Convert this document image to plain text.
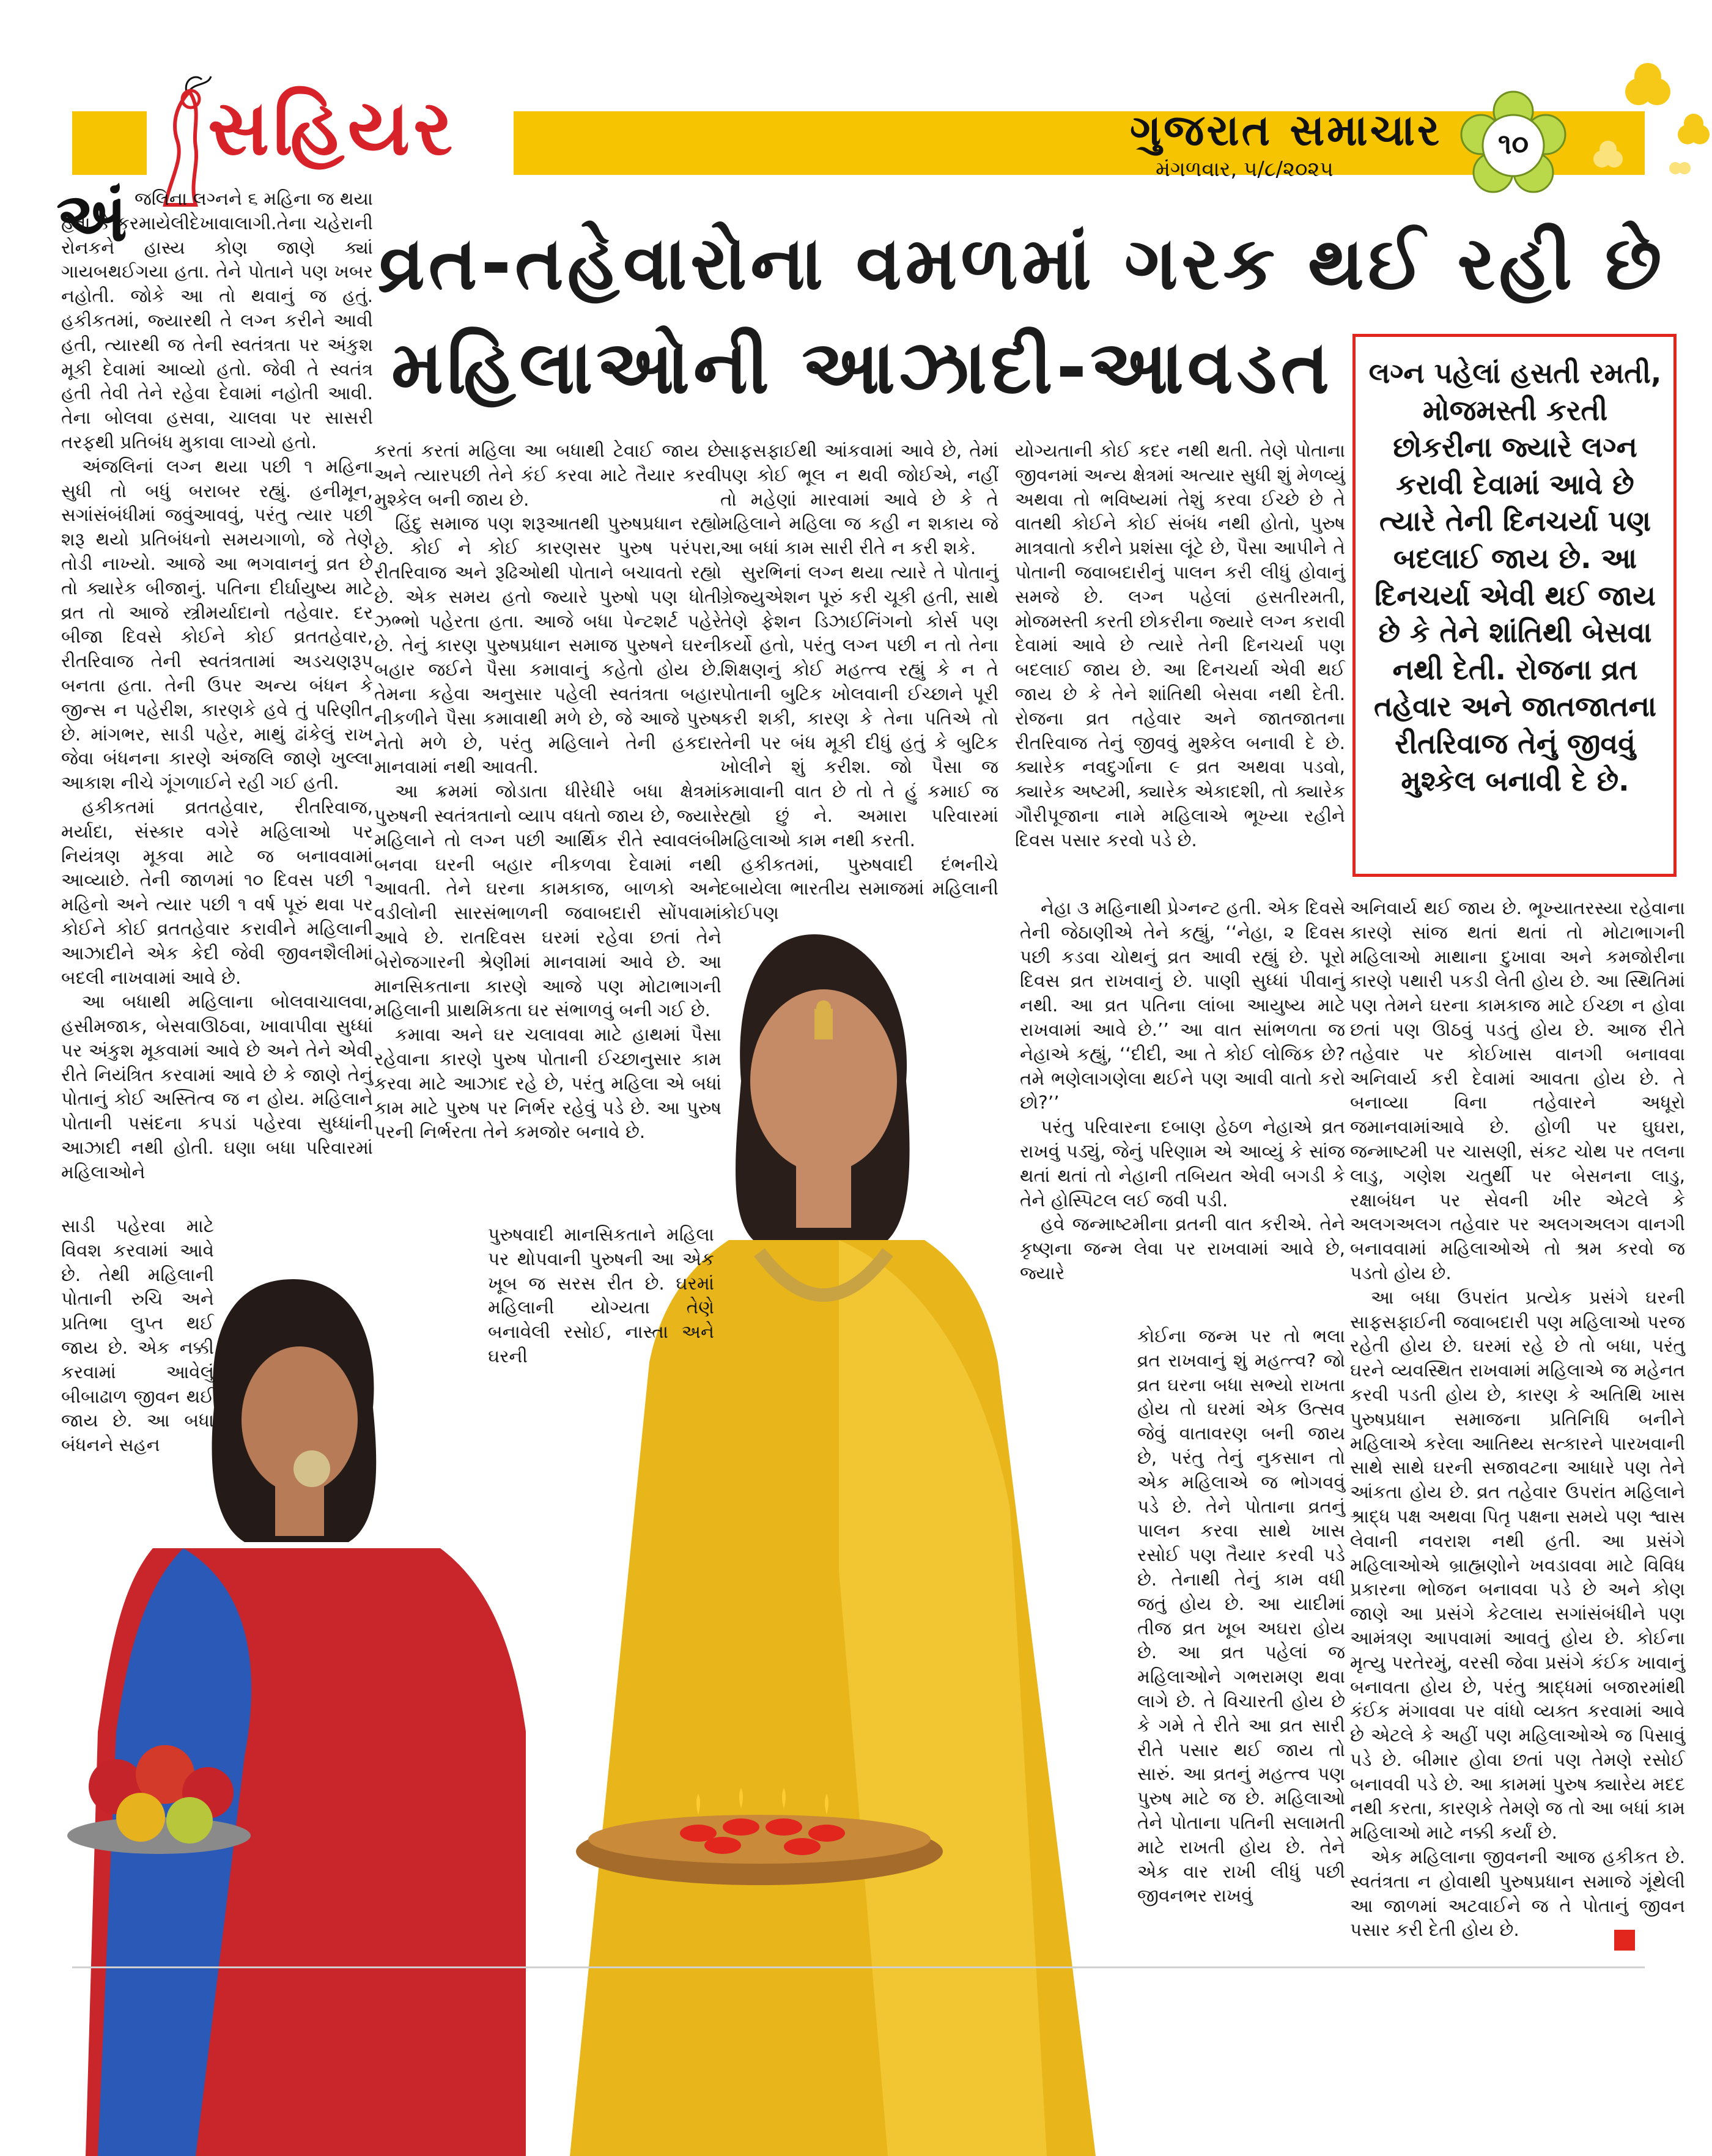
સહિયર	ગુજરાત સમાચાર
મંગળવાર, ૫/૮/૨૦૨૫
૧૦
વ્રત-તહેવારોના વમળમાં ગરક થઈ રહી છે
મહિલાઓની આઝાદી-આવડત લગ્ન પહેલાં હસતી રમતી, મોજમસ્તી કરતી છોકરીના જ્યારે લગ્ન કરાવી દેવામાં આવે છે ત્યારે તેની દિનચર્યા પણ બદલાઈ જાય છે. આ દિનચર્યા એવી થઈ જાય છે કે તેને શાંતિથી બેસવા નથી દેતી. રોજના વ્રત તહેવાર અને જાતજાતના રીતરિવાજ તેનું જીવવું મુશ્કેલ બનાવી દે છે.
અં જલિના લગ્નને ૬ મહિના જ થયા હતા કે કરમાયેલીદેખાવાલાગી.તેના ચહેરાની રોનકને હાસ્ય કોણ જાણે ક્યાં ગાયબથઈગયા હતા. તેને પોતાને પણ ખબર નહોતી. જોકે આ તો થવાનું જ હતું. હકીકતમાં, જ્યારથી તે લગ્ન કરીને આવી હતી, ત્યારથી જ તેની સ્વતંત્રતા પર અંકુશ મૂકી દેવામાં આવ્યો હતો. જેવી તે સ્વતંત્ર હતી તેવી તેને રહેવા દેવામાં નહોતી આવી. તેના બોલવા હસવા, ચાલવા પર સાસરી તરફથી પ્રતિબંધ મુકાવા લાગ્યો હતો.

અંજલિનાં લગ્ન થયા પછી ૧ મહિના સુધી તો બધું બરાબર રહ્યું. હનીમૂન, સગાંસંબંધીમાં જવુંઆવવું, પરંતુ ત્યાર પછી શરૂ થયો પ્રતિબંધનો સમયગાળો, જે તેણે તોડી નાખ્યો. આજે આ ભગવાનનું વ્રત છે તો ક્યારેક બીજાનું. પતિના દીર્ઘાયુષ્ય માટે વ્રત તો આજે સ્ત્રીમર્યાદાનો તહેવાર. દર બીજા દિવસે કોઈને કોઈ વ્રતતહેવાર, રીતરિવાજ તેની સ્વતંત્રતામાં અડચણરૂપ બનતા હતા. તેની ઉપર અન્ય બંધન કે જીન્સ ન પહેરીશ, કારણકે હવે તું પરિણીત છે. માંગભર, સાડી પહેર, માથું ઢાંકેલું રાખ જેવા બંધનના કારણે અંજલિ જાણે ખુલ્લા આકાશ નીચે ગૂંગળાઈને રહી ગઈ હતી.

હકીકતમાં વ્રતતહેવાર, રીતરિવાજ, મર્યાદા, સંસ્કાર વગેરે મહિલાઓ પર નિયંત્રણ મૂકવા માટે જ બનાવવામાં આવ્યાછે. તેની જાળમાં ૧૦ દિવસ પછી ૧ મહિનો અને ત્યાર પછી ૧ વર્ષ પૂરું થવા પર કોઈને કોઈ વ્રતતહેવાર કરાવીને મહિલાની આઝાદીને એક કેદી જેવી જીવનશૈલીમાં બદલી નાખવામાં આવે છે.

આ બધાથી મહિલાના બોલવાચાલવા, હસીમજાક, બેસવાઊઠવા, ખાવાપીવા સુધ્ધાં પર અંકુશ મૂકવામાં આવે છે અને તેને એવી રીતે નિયંત્રિત કરવામાં આવે છે કે જાણે તેનું પોતાનું કોઈ અસ્તિત્વ જ ન હોય. મહિલાને પોતાની પસંદના કપડાં પહેરવા સુધ્ધાંની આઝાદી નથી હોતી. ઘણા બધા પરિવારમાં મહિલાઓને

સાડી પહેરવા માટે વિવશ કરવામાં આવે છે. તેથી મહિલાની પોતાની રુચિ અને પ્રતિભા લુપ્ત થઈ જાય છે. એક નક્કી કરવામાં આવેલું બીબાઢાળ જીવન થઈ જાય છે. આ બધા બંધનને સહન

કરતાં કરતાં મહિલા આ બધાથી ટેવાઈ જાય છે અને ત્યારપછી તેને કંઈ કરવા માટે તૈયાર કરવી મુશ્કેલ બની જાય છે.

હિંદુ સમાજ પણ શરૂઆતથી પુરુષપ્રધાન રહ્યો છે. કોઈ ને કોઈ કારણસર પુરુષ પરંપરા, રીતરિવાજ અને રૂઢિઓથી પોતાને બચાવતો રહ્યો છે. એક સમય હતો જ્યારે પુરુષો પણ ધોતી ઝભ્ભો પહેરતા હતા. આજે બધા પેન્ટશર્ટ પહેરે છે. તેનું કારણ પુરુષપ્રધાન સમાજ પુરુષને ઘરની બહાર જઈને પૈસા કમાવાનું કહેતો હોય છે. તેમના કહેવા અનુસાર પહેલી સ્વતંત્રતા બહાર નીકળીને પૈસા કમાવાથી મળે છે, જે આજે પુરુષ નેતો મળે છે, પરંતુ મહિલાને તેની હકદાર માનવામાં નથી આવતી.

આ ક્રમમાં જોડાતા ધીરેધીરે બધા ક્ષેત્રમાં પુરુષની સ્વતંત્રતાનો વ્યાપ વધતો જાય છે, જ્યારે મહિલાને તો લગ્ન પછી આર્થિક રીતે સ્વાવલંબી બનવા ઘરની બહાર નીકળવા દેવામાં નથી આવતી. તેને ઘરના કામકાજ, બાળકો અને વડીલોની સારસંભાળની જવાબદારી સોંપવામાં આવે છે. રાતદિવસ ઘરમાં રહેવા છતાં તેને બેરોજગારની શ્રેણીમાં માનવામાં આવે છે. આ માનસિકતાના કારણે આજે પણ મોટાભાગની મહિલાની પ્રાથમિકતા ઘર સંભાળવું બની ગઈ છે.

કમાવા અને ઘર ચલાવવા માટે હાથમાં પૈસા રહેવાના કારણે પુરુષ પોતાની ઈચ્છાનુસાર કામ કરવા માટે આઝાદ રહે છે, પરંતુ મહિલા એ બધાં કામ માટે પુરુષ પર નિર્ભર રહેવું પડે છે. આ પુરુષ પરની નિર્ભરતા તેને કમજોર બનાવે છે.

પુરુષવાદી માનસિકતાને મહિલા પર થોપવાની પુરુષની આ એક ખૂબ જ સરસ રીત છે. ઘરમાં મહિલાની યોગ્યતા તેણે બનાવેલી રસોઈ, નાસ્તા અને ઘરની

સાફસફાઈથી આંકવામાં આવે છે, તેમાં પણ કોઈ ભૂલ ન થવી જોઈએ, નહીં તો મહેણાં મારવામાં આવે છે કે તે મહિલાને મહિલા જ કહી ન શકાય જે આ બધાં કામ સારી રીતે ન કરી શકે.

સુરભિનાં લગ્ન થયા ત્યારે તે પોતાનું ગ્રેજ્યુએશન પૂરું કરી ચૂકી હતી, સાથે તેણે ફેશન ડિઝાઈનિંગનો કોર્સ પણ કર્યો હતો, પરંતુ લગ્ન પછી ન તો તેના શિક્ષણનું કોઈ મહત્ત્વ રહ્યું કે ન તે પોતાની બુટિક ખોલવાની ઈચ્છાને પૂરી કરી શકી, કારણ કે તેના પતિએ તો તેની પર બંધ મૂકી દીધું હતું કે બુટિક ખોલીને શું કરીશ. જો પૈસા જ કમાવાની વાત છે તો તે હું કમાઈ જ રહ્યો છું ને. અમારા પરિવારમાં મહિલાઓ કામ નથી કરતી.

હકીકતમાં, પુરુષવાદી દંભનીચે દબાયેલા ભારતીય સમાજમાં મહિલાની કોઈપણ

યોગ્યતાની કોઈ કદર નથી થતી. તેણે પોતાના જીવનમાં અન્ય ક્ષેત્રમાં અત્યાર સુધી શું મેળવ્યું અથવા તો ભવિષ્યમાં તેશું કરવા ઈચ્છે છે તે વાતથી કોઈને કોઈ સંબંધ નથી હોતો, પુરુષ માત્રવાતો કરીને પ્રશંસા લૂંટે છે, પૈસા આપીને તે પોતાની જવાબદારીનું પાલન કરી લીધું હોવાનું સમજે છે. લગ્ન પહેલાં હસતીરમતી, મોજમસ્તી કરતી છોકરીના જ્યારે લગ્ન કરાવી દેવામાં આવે છે ત્યારે તેની દિનચર્યા પણ બદલાઈ જાય છે. આ દિનચર્યા એવી થઈ જાય છે કે તેને શાંતિથી બેસવા નથી દેતી. રોજના વ્રત તહેવાર અને જાતજાતના રીતરિવાજ તેનું જીવવું મુશ્કેલ બનાવી દે છે. ક્યારેક નવદુર્ગાના ૯ વ્રત અથવા પડવો, ક્યારેક અષ્ટમી, ક્યારેક એકાદશી, તો ક્યારેક ગૌરીપૂજાના નામે મહિલાએ ભૂખ્યા રહીને દિવસ પસાર કરવો પડે છે.

નેહા ૩ મહિનાથી પ્રેગ્નન્ટ હતી. એક દિવસે તેની જેઠાણીએ તેને કહ્યું, ‘‘નેહા, ૨ દિવસ પછી કડવા ચોથનું વ્રત આવી રહ્યું છે. પૂરો દિવસ વ્રત રાખવાનું છે. પાણી સુધ્ધાં પીવાનું નથી. આ વ્રત પતિના લાંબા આયુષ્ય માટે રાખવામાં આવે છે.’’ આ વાત સાંભળતા જ નેહાએ કહ્યું, ‘‘દીદી, આ તે કોઈ લોજિક છે? તમે ભણેલાગણેલા થઈને પણ આવી વાતો કરો છો?’’

પરંતુ પરિવારના દબાણ હેઠળ નેહાએ વ્રત રાખવું પડ્યું, જેનું પરિણામ એ આવ્યું કે સાંજ થતાં થતાં તો નેહાની તબિયત એવી બગડી કે તેને હોસ્પિટલ લઈ જવી પડી.

હવે જન્માષ્ટમીના વ્રતની વાત કરીએ. તેને કૃષ્ણના જન્મ લેવા પર રાખવામાં આવે છે, જ્યારે

કોઈના જન્મ પર તો ભલા વ્રત રાખવાનું શું મહત્ત્વ? જો વ્રત ઘરના બધા સભ્યો રાખતા હોય તો ઘરમાં એક ઉત્સવ જેવું વાતાવરણ બની જાય છે, પરંતુ તેનું નુકસાન તો એક મહિલાએ જ ભોગવવું પડે છે. તેને પોતાના વ્રતનું પાલન કરવા સાથે ખાસ રસોઈ પણ તૈયાર કરવી પડે છે. તેનાથી તેનું કામ વધી જતું હોય છે. આ યાદીમાં તીજ વ્રત ખૂબ અઘરા હોય છે. આ વ્રત પહેલાં જ મહિલાઓને ગભરામણ થવા લાગે છે. તે વિચારતી હોય છે કે ગમે તે રીતે આ વ્રત સારી રીતે પસાર થઈ જાય તો સારું. આ વ્રતનું મહત્ત્વ પણ પુરુષ માટે જ છે. મહિલાઓ તેને પોતાના પતિની સલામતી માટે રાખતી હોય છે. તેને એક વાર રાખી લીધું પછી જીવનભર રાખવું

અનિવાર્ય થઈ જાય છે. ભૂખ્યાતરસ્યા રહેવાના કારણે સાંજ થતાં થતાં તો મોટાભાગની મહિલાઓ માથાના દુખાવા અને કમજોરીના કારણે પથારી પકડી લેતી હોય છે. આ સ્થિતિમાં પણ તેમને ઘરના કામકાજ માટે ઈચ્છા ન હોવા છતાં પણ ઊઠવું પડતું હોય છે. આજ રીતે તહેવાર પર કોઈખાસ વાનગી બનાવવા અનિવાર્ય કરી દેવામાં આવતા હોય છે. તે બનાવ્યા વિના તહેવારને અધૂરો જમાનવામાંઆવે છે. હોળી પર ઘુઘરા, જન્માષ્ટમી પર ચાસણી, સંકટ ચોથ પર તલના લાડુ, ગણેશ ચતુર્થી પર બેસનના લાડુ, રક્ષાબંધન પર સેવની ખીર એટલે કે અલગઅલગ તહેવાર પર અલગઅલગ વાનગી બનાવવામાં મહિલાઓએ તો શ્રમ કરવો જ પડતો હોય છે.

આ બધા ઉપરાંત પ્રત્યેક પ્રસંગે ઘરની સાફસફાઈની જવાબદારી પણ મહિલાઓ પરજ રહેતી હોય છે. ઘરમાં રહે છે તો બધા, પરંતુ ઘરને વ્યવસ્થિત રાખવામાં મહિલાએ જ મહેનત કરવી પડતી હોય છે, કારણ કે અતિથિ ખાસ પુરુષપ્રધાન સમાજના પ્રતિનિધિ બનીને મહિલાએ કરેલા આતિથ્ય સત્કારને પારખવાની સાથે સાથે ઘરની સજાવટના આધારે પણ તેને આંકતા હોય છે. વ્રત તહેવાર ઉપરાંત મહિલાને શ્રાદ્ધ પક્ષ અથવા પિતૃ પક્ષના સમયે પણ શ્વાસ લેવાની નવરાશ નથી હતી. આ પ્રસંગે મહિલાઓએ બ્રાહ્મણોને ખવડાવવા માટે વિવિધ પ્રકારના ભોજન બનાવવા પડે છે અને કોણ જાણે આ પ્રસંગે કેટલાય સગાંસંબંધીને પણ આમંત્રણ આપવામાં આવતું હોય છે. કોઈના મૃત્યુ પરતેરમું, વરસી જેવા પ્રસંગે કંઈક ખાવાનું બનાવતા હોય છે, પરંતુ શ્રાદ્ધમાં બજારમાંથી કંઈક મંગાવવા પર વાંધો વ્યક્ત કરવામાં આવે છે એટલે કે અહીં પણ મહિલાઓએ જ પિસાવું પડે છે. બીમાર હોવા છતાં પણ તેમણે રસોઈ બનાવવી પડે છે. આ કામમાં પુરુષ ક્યારેય મદદ નથી કરતા, કારણકે તેમણે જ તો આ બધાં કામ મહિલાઓ માટે નક્કી કર્યાં છે.

એક મહિલાના જીવનની આજ હકીકત છે. સ્વતંત્રતા ન હોવાથી પુરુષપ્રધાન સમાજે ગૂંથેલી આ જાળમાં અટવાઈને જ તે પોતાનું જીવન પસાર કરી દેતી હોય છે.
